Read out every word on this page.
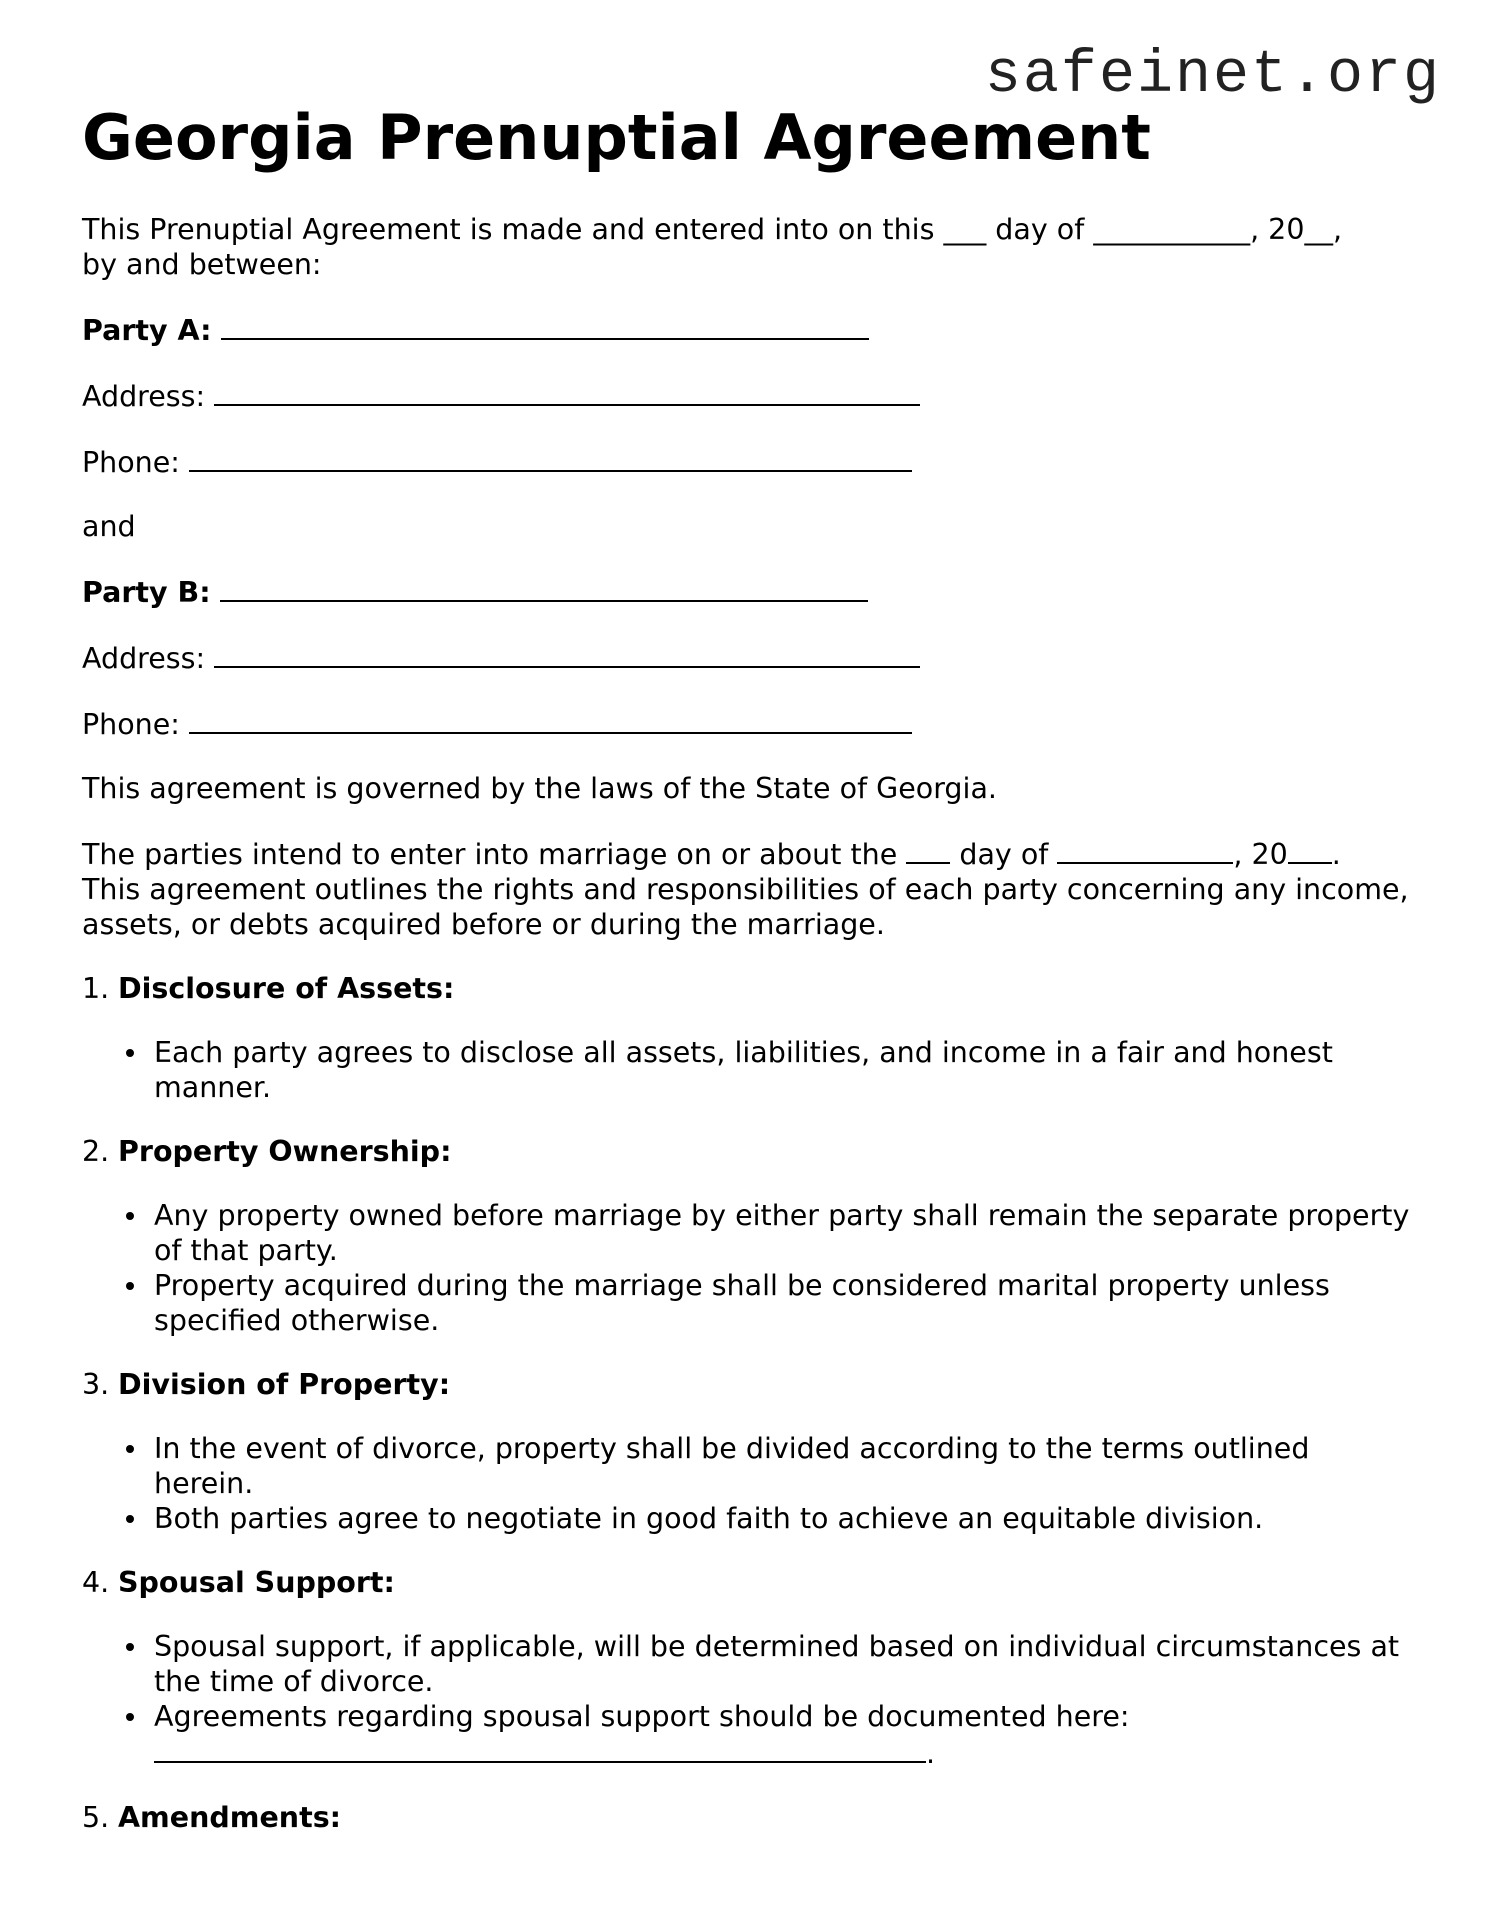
safeinet.org
Georgia Prenuptial Agreement

This Prenuptial Agreement is made and entered into on this ___ day of ___________, 20__,
by and between:

Party A:

Address:

Phone:

and

Party B:

Address:

Phone:

This agreement is governed by the laws of the State of Georgia.

The parties intend to enter into marriage on or about the  day of	, 20 .
This agreement outlines the rights and responsibilities of each party concerning any income, assets, or debts acquired before or during the marriage.

1. Disclosure of Assets:

Each party agrees to disclose all assets, liabilities, and income in a fair and honest manner.

2. Property Ownership:

Any property owned before marriage by either party shall remain the separate property of that party.
Property acquired during the marriage shall be considered marital property unless specified otherwise.

3. Division of Property:

In the event of divorce, property shall be divided according to the terms outlined herein.
Both parties agree to negotiate in good faith to achieve an equitable division.

4. Spousal Support:

Spousal support, if applicable, will be determined based on individual circumstances at the time of divorce.
Agreements regarding spousal support should be documented here:
.

5. Amendments:
